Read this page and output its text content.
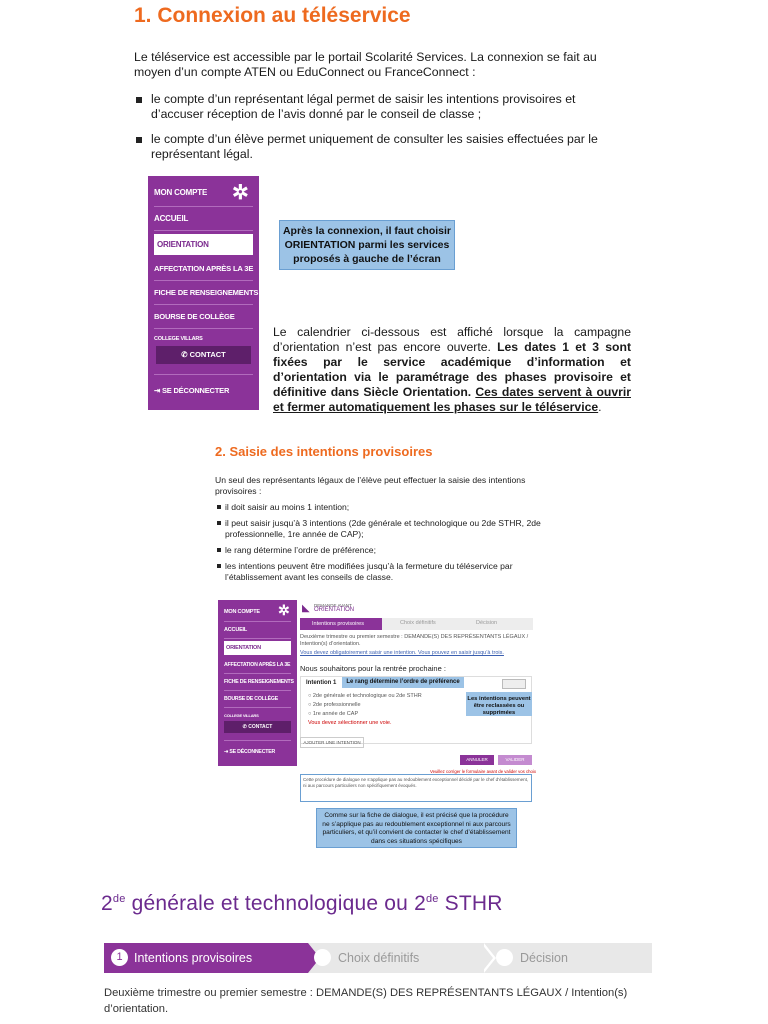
1. Connexion au téléservice
Le téléservice est accessible par le portail Scolarité Services. La connexion se fait au moyen d’un compte ATEN ou EduConnect ou FranceConnect :
le compte d’un représentant légal permet de saisir les intentions provisoires et d’accuser réception de l’avis donné par le conseil de classe ;
le compte d’un élève permet uniquement de consulter les saisies effectuées par le représentant légal.
MON COMPTE	✲
ACCUEIL
ORIENTATION
AFFECTATION APRÈS LA 3E
FICHE DE RENSEIGNEMENTS
BOURSE DE COLLÈGE
COLLEGE VILLARS
✆ CONTACT
⇥ SE DÉCONNECTER
Après la connexion, il faut choisir ORIENTATION parmi les services proposés à gauche de l’écran
Le calendrier ci-dessous est affiché lorsque la campagne d’orientation n’est pas encore ouverte. Les dates 1 et 3 sont fixées par le service académique d’information et d’orientation via le paramétrage des phases provisoire et définitive dans Siècle Orientation. Ces dates servent à ouvrir et fermer automatiquement les phases sur le téléservice.
2. Saisie des intentions provisoires
Un seul des représentants légaux de l’élève peut effectuer la saisie des intentions provisoires :
il doit saisir au moins 1 intention;
il peut saisir jusqu’à 3 intentions (2de générale et technologique ou 2de STHR, 2de professionnelle, 1re année de CAP);
le rang détermine l’ordre de préférence;
les intentions peuvent être modifiées jusqu’à la fermeture du téléservice par l’établissement avant les conseils de classe.
MON COMPTE	✲
ACCUEIL
ORIENTATION
AFFECTATION APRÈS LA 3E
FICHE DE RENSEIGNEMENTS
BOURSE DE COLLÈGE
COLLEGE VILLARS
✆ CONTACT
⇥ SE DÉCONNECTER
DEMANDE AVANT
ORIENTATION
◣
Intentions provisoires	Choix définitifs	Décision
Deuxième trimestre ou premier semestre : DEMANDE(S) DES REPRÉSENTANTS LÉGAUX / Intention(s) d’orientation.
Vous devez obligatoirement saisir une intention. Vous pouvez en saisir jusqu’à trois.
Nous souhaitons pour la rentrée prochaine :
Intention 1	Le rang détermine l’ordre de préférence
○ 2de générale et technologique ou 2de STHR
○ 2de professionnelle
○ 1re année de CAP
Vous devez sélectionner une voie.
Les intentions peuvent être reclassées ou supprimées
AJOUTER UNE INTENTION
ANNULER	VALIDER
Veuillez corriger le formulaire avant de valider vos choix
Cette procédure de dialogue ne s’applique pas au redoublement exceptionnel décidé par le chef d’établissement, ni aux parcours particuliers non spécifiquement évoqués.
Comme sur la fiche de dialogue, il est précisé que la procédure ne s’applique pas au redoublement exceptionnel ni aux parcours particuliers, et qu’il convient de contacter le chef d’établissement dans ces situations spécifiques
2de générale et technologique ou 2de STHR
1 Intentions provisoires	2 Choix définitifs	3 Décision
Deuxième trimestre ou premier semestre : DEMANDE(S) DES REPRÉSENTANTS LÉGAUX / Intention(s) d’orientation.
